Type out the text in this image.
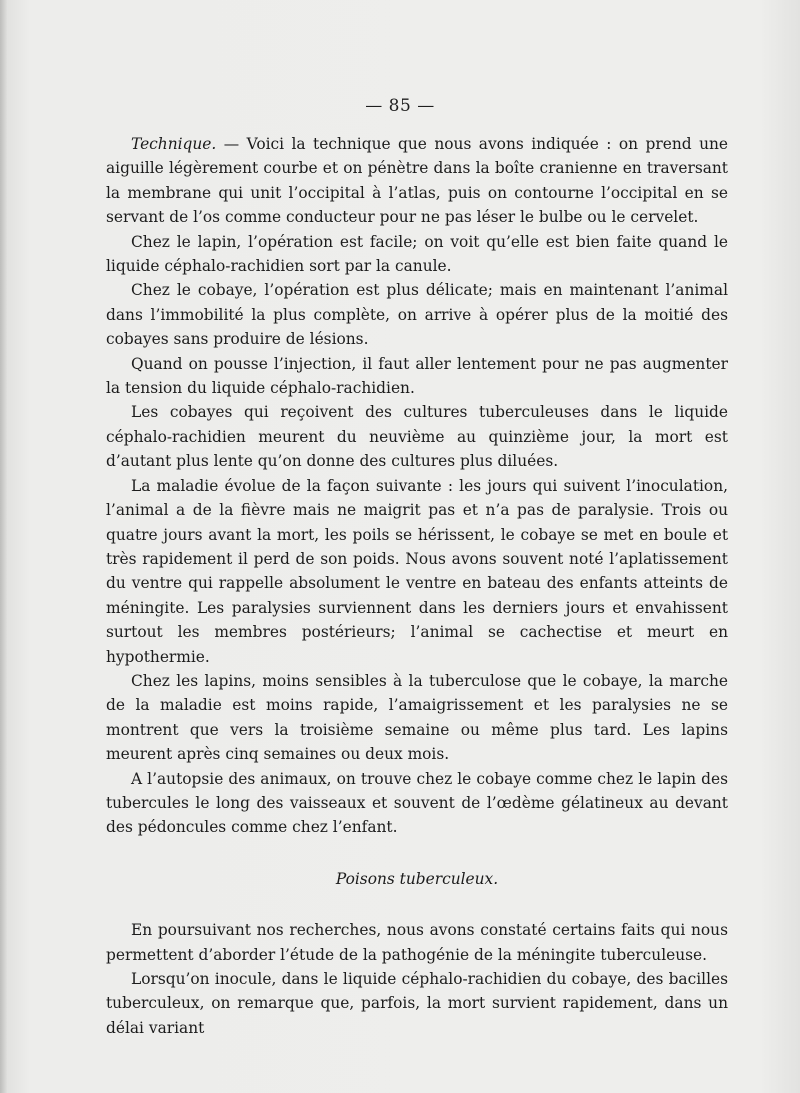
— 85 —

Technique. — Voici la technique que nous avons indiquée : on prend une aiguille légèrement courbe et on pénètre dans la boîte cranienne en traversant la membrane qui unit l’occipital à l’atlas, puis on contourne l’occipital en se servant de l’os comme conducteur pour ne pas léser le bulbe ou le cervelet.

Chez le lapin, l’opération est facile; on voit qu’elle est bien faite quand le liquide céphalo-rachidien sort par la canule.

Chez le cobaye, l’opération est plus délicate; mais en maintenant l’animal dans l’immobilité la plus complète, on arrive à opérer plus de la moitié des cobayes sans produire de lésions.

Quand on pousse l’injection, il faut aller lentement pour ne pas augmenter la tension du liquide céphalo-rachidien.

Les cobayes qui reçoivent des cultures tuberculeuses dans le liquide céphalo-rachidien meurent du neuvième au quinzième jour, la mort est d’autant plus lente qu’on donne des cultures plus diluées.

La maladie évolue de la façon suivante : les jours qui suivent l’inoculation, l’animal a de la fièvre mais ne maigrit pas et n’a pas de paralysie. Trois ou quatre jours avant la mort, les poils se hérissent, le cobaye se met en boule et très rapidement il perd de son poids. Nous avons souvent noté l’aplatissement du ventre qui rappelle absolument le ventre en bateau des enfants atteints de méningite. Les paralysies surviennent dans les derniers jours et envahissent surtout les membres postérieurs; l’animal se cachectise et meurt en hypothermie.

Chez les lapins, moins sensibles à la tuberculose que le cobaye, la marche de la maladie est moins rapide, l’amaigrissement et les paralysies ne se montrent que vers la troisième semaine ou même plus tard. Les lapins meurent après cinq semaines ou deux mois.

A l’autopsie des animaux, on trouve chez le cobaye comme chez le lapin des tubercules le long des vaisseaux et souvent de l’œdème gélatineux au devant des pédoncules comme chez l’enfant.

Poisons tuberculeux.

En poursuivant nos recherches, nous avons constaté certains faits qui nous permettent d’aborder l’étude de la pathogénie de la méningite tuberculeuse.

Lorsqu’on inocule, dans le liquide céphalo-rachidien du cobaye, des bacilles tuberculeux, on remarque que, parfois, la mort survient rapidement, dans un délai variant
